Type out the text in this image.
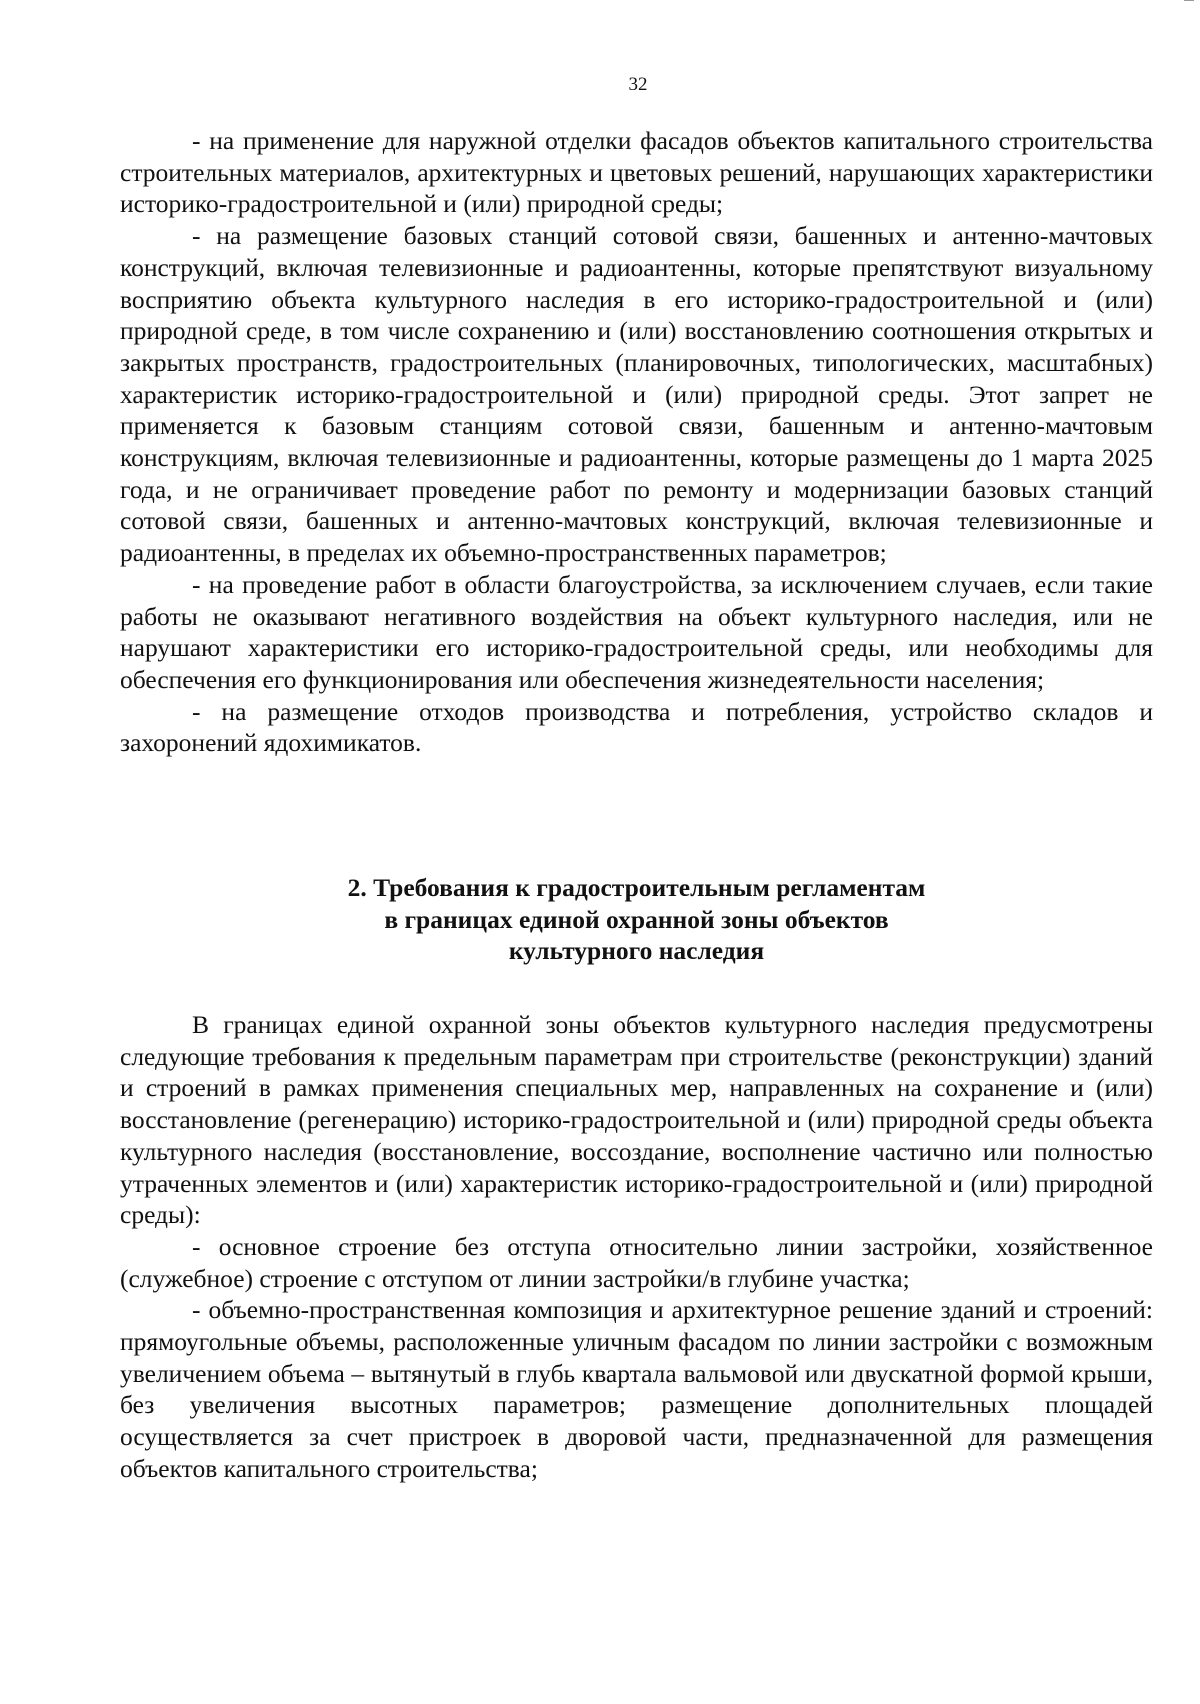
32

- на применение для наружной отделки фасадов объектов капитального строительства строительных материалов, архитектурных и цветовых решений, нарушающих характеристики историко-градостроительной и (или) природной среды;

- на размещение базовых станций сотовой связи, башенных и антенно-мачтовых конструкций, включая телевизионные и радиоантенны, которые препятствуют визуальному восприятию объекта культурного наследия в его историко-градостроительной и (или) природной среде, в том числе сохранению и (или) восстановлению соотношения открытых и закрытых пространств, градостроительных (планировочных, типологических, масштабных) характеристик историко-градостроительной и (или) природной среды. Этот запрет не применяется к базовым станциям сотовой связи, башенным и антенно-мачтовым конструкциям, включая телевизионные и радиоантенны, которые размещены до 1 марта 2025 года, и не ограничивает проведение работ по ремонту и модернизации базовых станций сотовой связи, башенных и антенно-мачтовых конструкций, включая телевизионные и радиоантенны, в пределах их объемно-пространственных параметров;

- на проведение работ в области благоустройства, за исключением случаев, если такие работы не оказывают негативного воздействия на объект культурного наследия, или не нарушают характеристики его историко-градостроительной среды, или необходимы для обеспечения его функционирования или обеспечения жизнедеятельности населения;

- на размещение отходов производства и потребления, устройство складов и захоронений ядохимикатов.

2. Требования к градостроительным регламентам
в границах единой охранной зоны объектов
культурного наследия

В границах единой охранной зоны объектов культурного наследия предусмотрены следующие требования к предельным параметрам при строительстве (реконструкции) зданий и строений в рамках применения специальных мер, направленных на сохранение и (или) восстановление (регенерацию) историко-градостроительной и (или) природной среды объекта культурного наследия (восстановление, воссоздание, восполнение частично или полностью утраченных элементов и (или) характеристик историко-градостроительной и (или) природной среды):

- основное строение без отступа относительно линии застройки, хозяйственное (служебное) строение с отступом от линии застройки/в глубине участка;

- объемно-пространственная композиция и архитектурное решение зданий и строений: прямоугольные объемы, расположенные уличным фасадом по линии застройки с возможным увеличением объема – вытянутый в глубь квартала вальмовой или двускатной формой крыши, без увеличения высотных параметров; размещение дополнительных площадей осуществляется за счет пристроек в дворовой части, предназначенной для размещения объектов капитального строительства;
